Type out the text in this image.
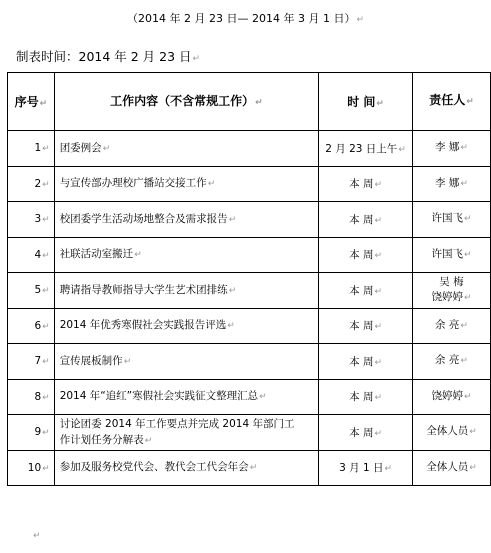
（2014 年 2 月 23 日— 2014 年 3 月 1 日）↵
制表时间：2014 年 2 月 23 日↵
序号↵	工作内容（不含常规工作）↵	时 间↵	责任人↵
1↵	团委例会↵	2 月 23 日上午↵	李 娜↵
2↵	与宣传部办理校广播站交接工作↵	本 周↵	李 娜↵
3↵	校团委学生活动场地整合及需求报告↵	本 周↵	许国飞↵
4↵	社联活动室搬迁↵	本 周↵	许国飞↵
5↵	聘请指导教师指导大学生艺术团排练↵	本 周↵	吴 梅
饶婷婷↵
6↵	2014 年优秀寒假社会实践报告评选↵	本 周↵	余 亮↵
7↵	宣传展板制作↵	本 周↵	余 亮↵
8↵	2014 年“追红”寒假社会实践征文整理汇总↵	本 周↵	饶婷婷↵
9↵	讨论团委 2014 年工作要点并完成 2014 年部门工
作计划任务分解表↵	本 周↵	全体人员↵
10↵	参加及服务校党代会、教代会工代会年会↵	3 月 1 日↵	全体人员↵
↵
